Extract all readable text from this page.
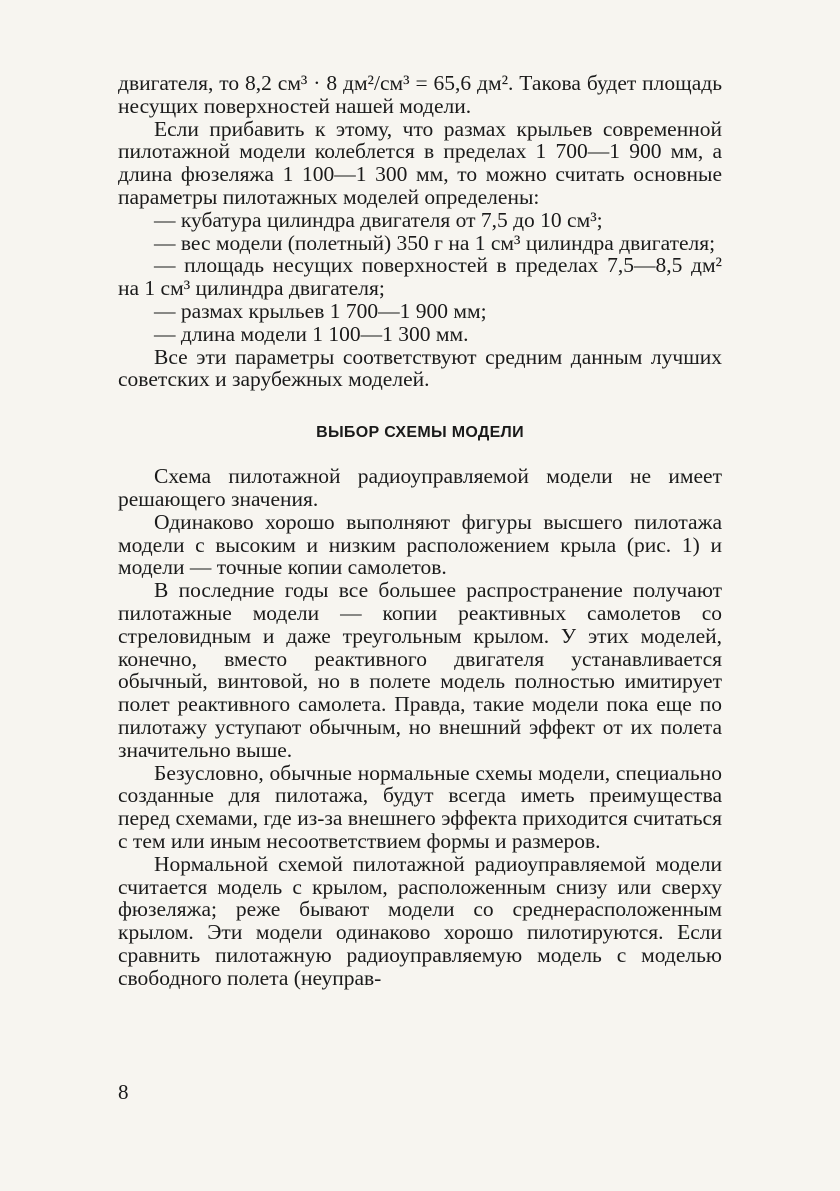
двигателя, то 8,2 см³ · 8 дм²/см³ = 65,6 дм². Такова будет площадь несущих поверхностей нашей модели.

Если прибавить к этому, что размах крыльев современной пилотажной модели колеблется в пределах 1 700—1 900 мм, а длина фюзеляжа 1 100—1 300 мм, то можно считать основные параметры пилотажных моделей определены:

— кубатура цилиндра двигателя от 7,5 до 10 см³;

— вес модели (полетный) 350 г на 1 см³ цилиндра двигателя;

— площадь несущих поверхностей в пределах 7,5—8,5 дм² на 1 см³ цилиндра двигателя;

— размах крыльев 1 700—1 900 мм;

— длина модели 1 100—1 300 мм.

Все эти параметры соответствуют средним данным лучших советских и зарубежных моделей.

ВЫБОР СХЕМЫ МОДЕЛИ

Схема пилотажной радиоуправляемой модели не имеет решающего значения.

Одинаково хорошо выполняют фигуры высшего пилотажа модели с высоким и низким расположением крыла (рис. 1) и модели — точные копии самолетов.

В последние годы все большее распространение получают пилотажные модели — копии реактивных самолетов со стреловидным и даже треугольным крылом. У этих моделей, конечно, вместо реактивного двигателя устанавливается обычный, винтовой, но в полете модель полностью имитирует полет реактивного самолета. Правда, такие модели пока еще по пилотажу уступают обычным, но внешний эффект от их полета значительно выше.

Безусловно, обычные нормальные схемы модели, специально созданные для пилотажа, будут всегда иметь преимущества перед схемами, где из-за внешнего эффекта приходится считаться с тем или иным несоответствием формы и размеров.

Нормальной схемой пилотажной радиоуправляемой модели считается модель с крылом, расположенным снизу или сверху фюзеляжа; реже бывают модели со среднерасположенным крылом. Эти модели одинаково хорошо пилотируются. Если сравнить пилотажную радиоуправляемую модель с моделью свободного полета (неуправ-

8
